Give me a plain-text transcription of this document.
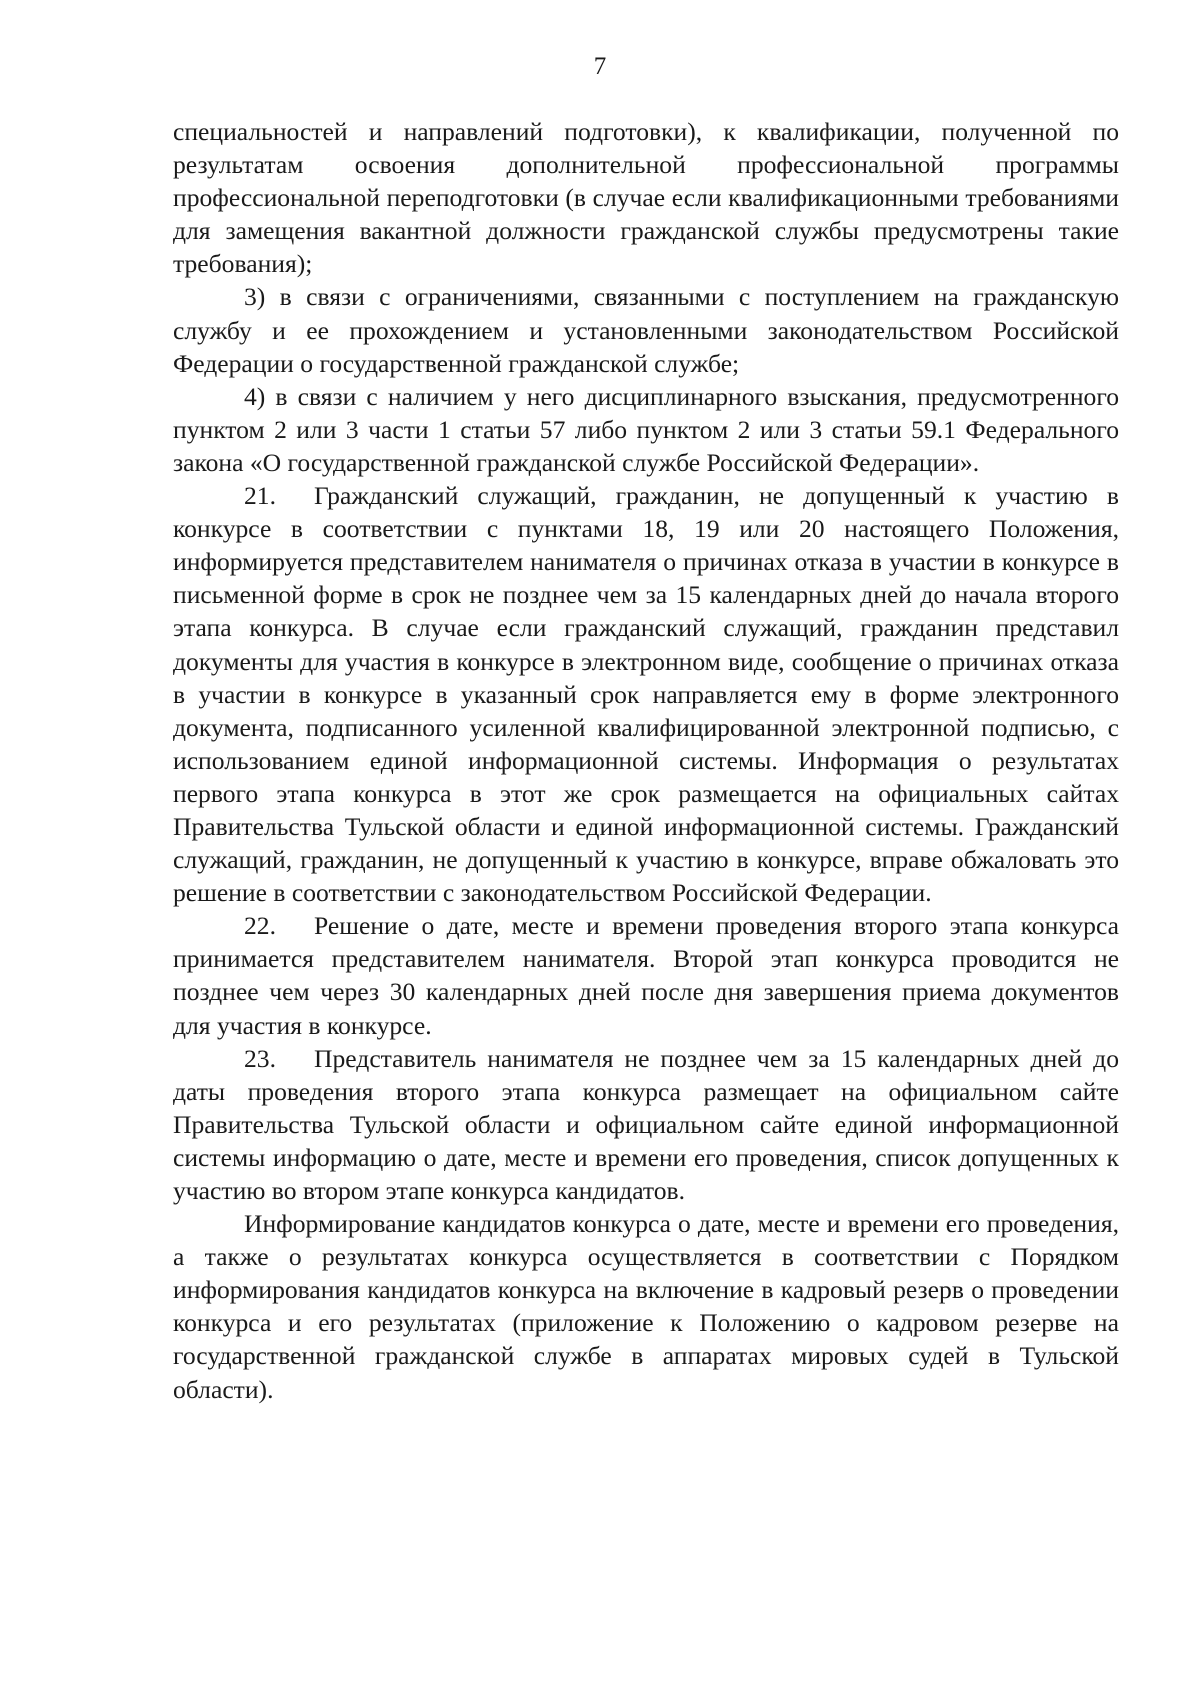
7

специальностей и направлений подготовки), к квалификации, полученной по результатам освоения дополнительной профессиональной программы профессиональной переподготовки (в случае если квалификационными требованиями для замещения вакантной должности гражданской службы предусмотрены такие требования);

3) в связи с ограничениями, связанными с поступлением на гражданскую службу и ее прохождением и установленными законодательством Российской Федерации о государственной гражданской службе;

4) в связи с наличием у него дисциплинарного взыскания, предусмотренного пунктом 2 или 3 части 1 статьи 57 либо пунктом 2 или 3 статьи 59.1 Федерального закона «О государственной гражданской службе Российской Федерации».

21. Гражданский служащий, гражданин, не допущенный к участию в конкурсе в соответствии с пунктами 18, 19 или 20 настоящего Положения, информируется представителем нанимателя о причинах отказа в участии в конкурсе в письменной форме в срок не позднее чем за 15 календарных дней до начала второго этапа конкурса. В случае если гражданский служащий, гражданин представил документы для участия в конкурсе в электронном виде, сообщение о причинах отказа в участии в конкурсе в указанный срок направляется ему в форме электронного документа, подписанного усиленной квалифицированной электронной подписью, с использованием единой информационной системы. Информация о результатах первого этапа конкурса в этот же срок размещается на официальных сайтах Правительства Тульской области и единой информационной системы. Гражданский служащий, гражданин, не допущенный к участию в конкурсе, вправе обжаловать это решение в соответствии с законодательством Российской Федерации.

22. Решение о дате, месте и времени проведения второго этапа конкурса принимается представителем нанимателя. Второй этап конкурса проводится не позднее чем через 30 календарных дней после дня завершения приема документов для участия в конкурсе.

23. Представитель нанимателя не позднее чем за 15 календарных дней до даты проведения второго этапа конкурса размещает на официальном сайте Правительства Тульской области и официальном сайте единой информационной системы информацию о дате, месте и времени его проведения, список допущенных к участию во втором этапе конкурса кандидатов.

Информирование кандидатов конкурса о дате, месте и времени его проведения, а также о результатах конкурса осуществляется в соответствии с Порядком информирования кандидатов конкурса на включение в кадровый резерв о проведении конкурса и его результатах (приложение к Положению о кадровом резерве на государственной гражданской службе в аппаратах мировых судей в Тульской области).
